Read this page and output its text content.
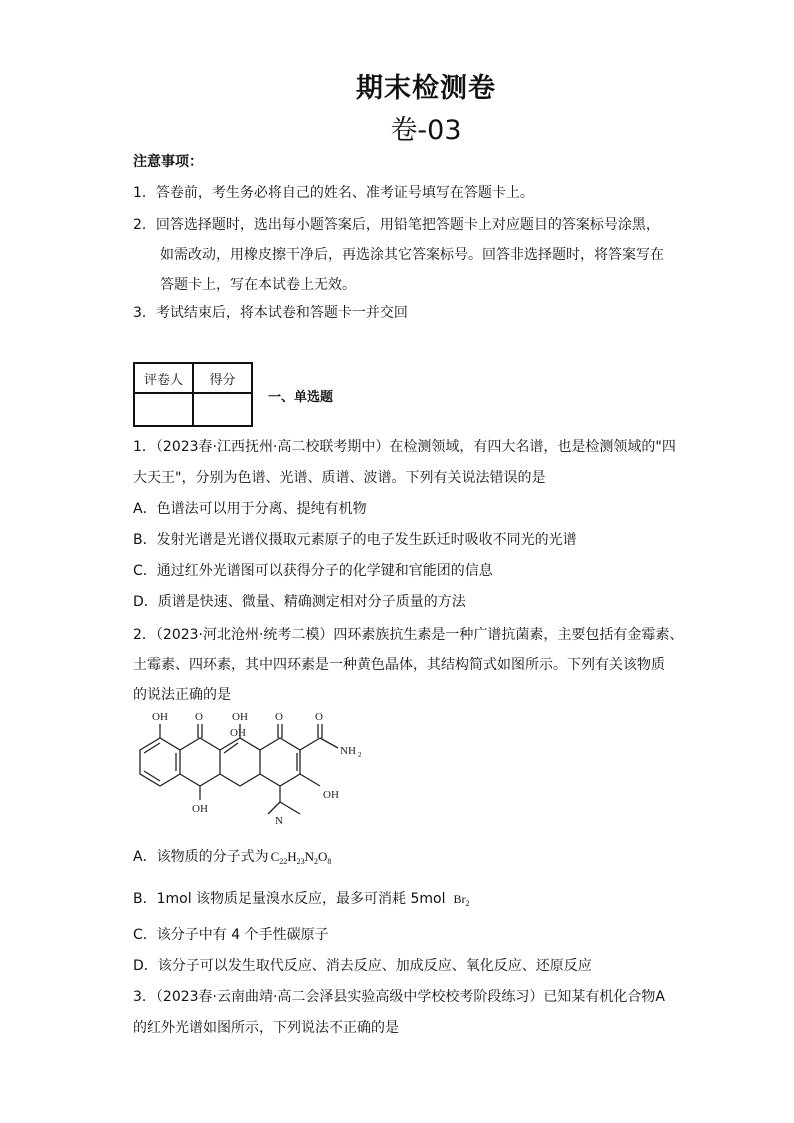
期末检测卷
卷-03
注意事项：
1．答卷前，考生务必将自己的姓名、准考证号填写在答题卡上。
2．回答选择题时，选出每小题答案后，用铅笔把答题卡上对应题目的答案标号涂黑，
如需改动，用橡皮擦干净后，再选涂其它答案标号。回答非选择题时，将答案写在
答题卡上，写在本试卷上无效。
3．考试结束后，将本试卷和答题卡一并交回
评卷人	得分

一、单选题
1．（2023春·江西抚州·高二校联考期中）在检测领域，有四大名谱，也是检测领域的"四
大天王"，分别为色谱、光谱、质谱、波谱。下列有关说法错误的是
A．色谱法可以用于分离、提纯有机物
B．发射光谱是光谱仪摄取元素原子的电子发生跃迁时吸收不同光的光谱
C．通过红外光谱图可以获得分子的化学键和官能团的信息
D．质谱是快速、微量、精确测定相对分子质量的方法
2．（2023·河北沧州·统考二模）四环素族抗生素是一种广谱抗菌素，主要包括有金霉素、
土霉素、四环素，其中四环素是一种黄色晶体，其结构简式如图所示。下列有关该物质
的说法正确的是
OH O	OH
OH
O	O
NH 2
OH
OH
N
A．该物质的分子式为 $C_{22}H_{23}N_2O_8$
B．1mol 该物质足量溴水反应，最多可消耗 5mol $Br_2$
C．该分子中有 4 个手性碳原子
D．该分子可以发生取代反应、消去反应、加成反应、氧化反应、还原反应
3．（2023春·云南曲靖·高二会泽县实验高级中学校校考阶段练习）已知某有机化合物A
的红外光谱如图所示，下列说法不正确的是
